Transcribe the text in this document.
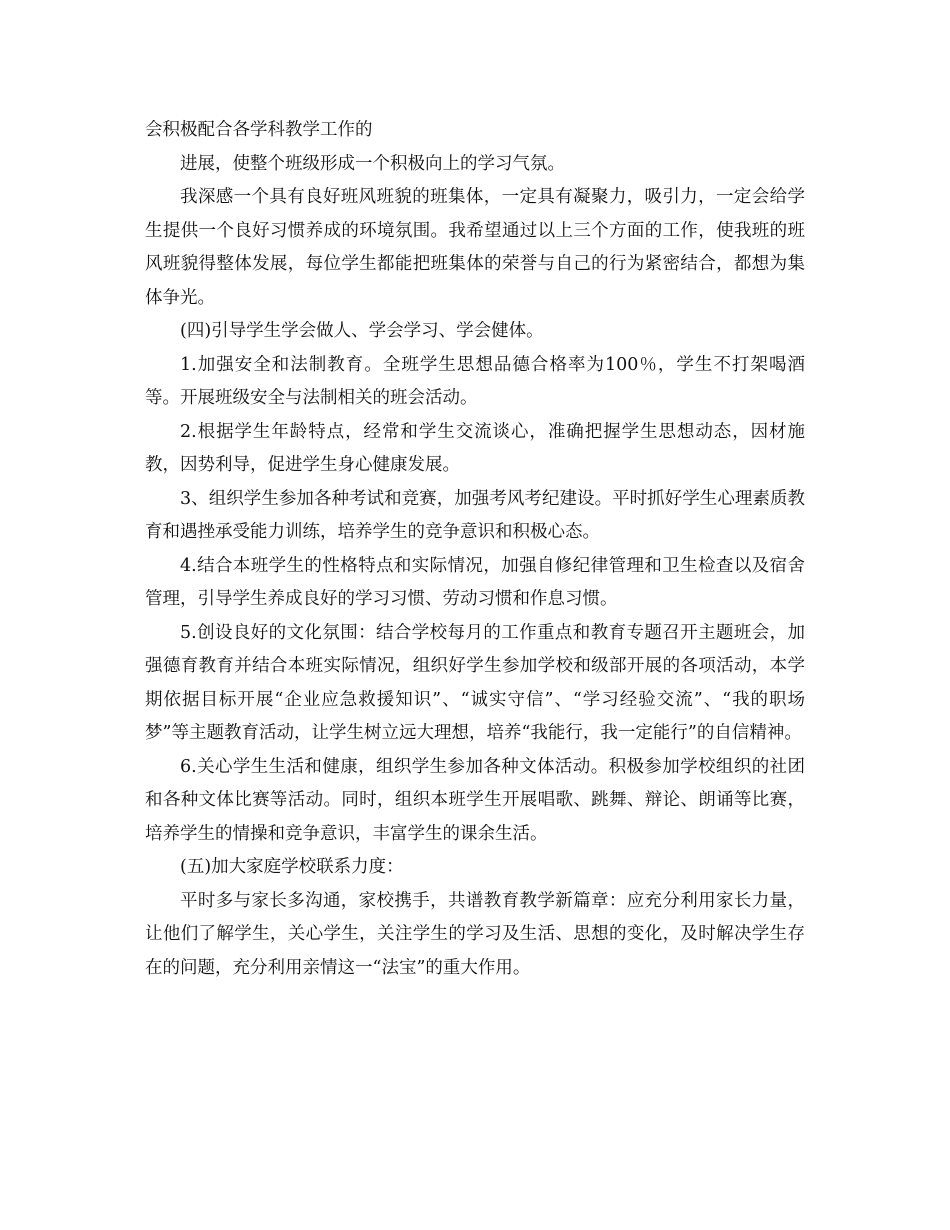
会积极配合各学科教学工作的

进展，使整个班级形成一个积极向上的学习气氛。

我深感一个具有良好班风班貌的班集体，一定具有凝聚力，吸引力，一定会给学生提供一个良好习惯养成的环境氛围。我希望通过以上三个方面的工作，使我班的班风班貌得整体发展，每位学生都能把班集体的荣誉与自己的行为紧密结合，都想为集体争光。

(四)引导学生学会做人、学会学习、学会健体。

1.加强安全和法制教育。全班学生思想品德合格率为100％，学生不打架喝酒等。开展班级安全与法制相关的班会活动。

2.根据学生年龄特点，经常和学生交流谈心，准确把握学生思想动态，因材施教，因势利导，促进学生身心健康发展。

3、组织学生参加各种考试和竞赛，加强考风考纪建设。平时抓好学生心理素质教育和遇挫承受能力训练，培养学生的竞争意识和积极心态。

4.结合本班学生的性格特点和实际情况，加强自修纪律管理和卫生检查以及宿舍管理，引导学生养成良好的学习习惯、劳动习惯和作息习惯。

5.创设良好的文化氛围：结合学校每月的工作重点和教育专题召开主题班会，加强德育教育并结合本班实际情况，组织好学生参加学校和级部开展的各项活动，本学期依据目标开展“企业应急救援知识”、“诚实守信”、“学习经验交流”、“我的职场梦”等主题教育活动，让学生树立远大理想，培养“我能行，我一定能行”的自信精神。

6.关心学生生活和健康，组织学生参加各种文体活动。积极参加学校组织的社团和各种文体比赛等活动。同时，组织本班学生开展唱歌、跳舞、辩论、朗诵等比赛，培养学生的情操和竞争意识，丰富学生的课余生活。

(五)加大家庭学校联系力度：

平时多与家长多沟通，家校携手，共谱教育教学新篇章：应充分利用家长力量，让他们了解学生，关心学生，关注学生的学习及生活、思想的变化，及时解决学生存在的问题，充分利用亲情这一“法宝”的重大作用。
